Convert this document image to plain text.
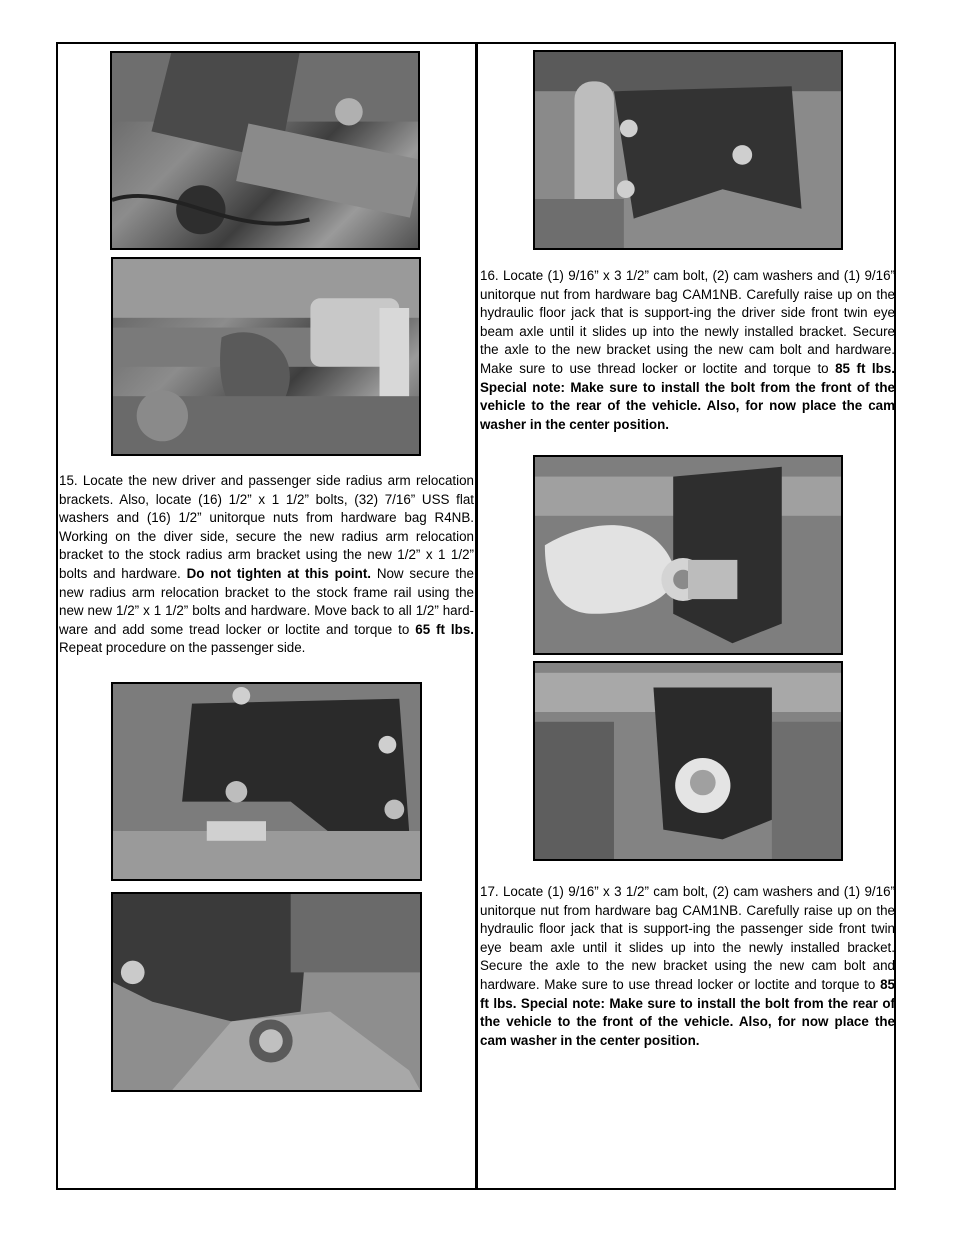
15. Locate the new driver and passenger side radius arm relocation brackets. Also, locate (16) 1/2” x 1 1/2” bolts, (32) 7/16” USS flat washers and (16) 1/2” unitorque nuts from hardware bag R4NB. Working on the diver side, secure the new radius arm relocation bracket to the stock radius arm bracket using the new 1/2” x 1 1/2” bolts and hardware. Do not tighten at this point. Now secure the new radius arm relocation bracket to the stock frame rail using the new new 1/2” x 1 1/2” bolts and hardware. Move back to all 1/2” hard-ware and add some tread locker or loctite and torque to 65 ft lbs. Repeat procedure on the passenger side.

16. Locate (1) 9/16” x 3 1/2” cam bolt, (2) cam washers and (1) 9/16” unitorque nut from hardware bag CAM1NB. Carefully raise up on the hydraulic floor jack that is support-ing the driver side front twin eye beam axle until it slides up into the newly installed bracket. Secure the axle to the new bracket using the new cam bolt and hardware. Make sure to use thread locker or loctite and torque to 85 ft lbs. Special note: Make sure to install the bolt from the front of the vehicle to the rear of the vehicle. Also, for now place the cam washer in the center position.

17. Locate (1) 9/16” x 3 1/2” cam bolt, (2) cam washers and (1) 9/16” unitorque nut from hardware bag CAM1NB. Carefully raise up on the hydraulic floor jack that is support-ing the passenger side front twin eye beam axle until it slides up into the newly installed bracket. Secure the axle to the new bracket using the new cam bolt and hardware. Make sure to use thread locker or loctite and torque to 85 ft lbs. Special note: Make sure to install the bolt from the rear of the vehicle to the front of the vehicle. Also, for now place the cam washer in the center position.
